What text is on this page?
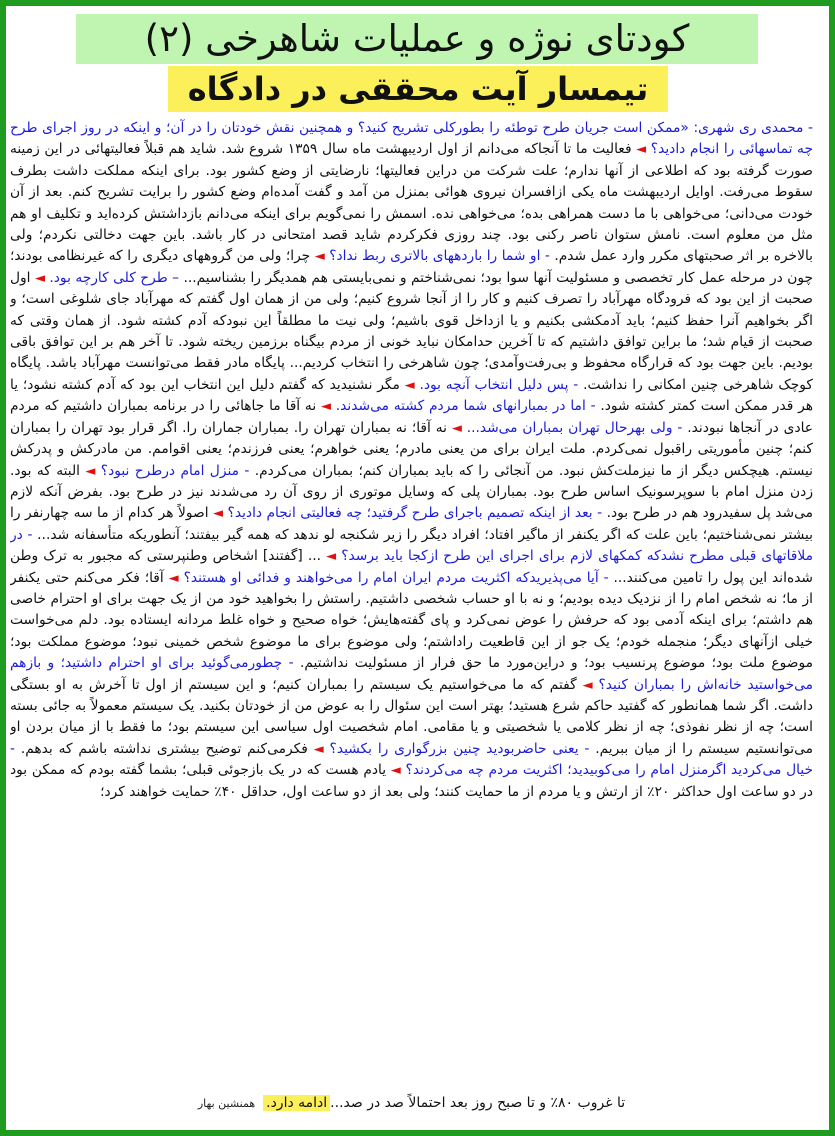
کودتای نوژه و عملیات شاهرخی (۲)
تیمسار آیت محققی در دادگاه
- محمدی ری شهری: «ممکن است جریان طرح توطئه را بطورکلی تشریح کنید؟ و همچنین نقش خودتان را در آن؛ و اینکه در روز اجرای طرح چه تماسهائی را انجام دادید؟ ◄ فعالیت ما تا آنجاکه می‌دانم از اول اردیبهشت ماه سال ۱۳۵۹ شروع شد. شاید هم قبلاً فعالیتهائی در این زمینه صورت گرفته بود که اطلاعی از آنها ندارم؛ علت شرکت من دراین فعالیتها؛ نارضایتی از وضع کشور بود. برای اینکه مملکت داشت بطرف سقوط می‌رفت. اوایل اردیبهشت ماه یکی ازافسران نیروی هوائی بمنزل من آمد و گفت آمده‌ام وضع کشور را برایت تشریح کنم. بعد از آن خودت می‌دانی؛ می‌خواهی با ما دست همراهی بده؛ می‌خواهی نده. اسمش را نمی‌گویم برای اینکه می‌دانم بازداشتش کرده‌اید و تکلیف او هم مثل من معلوم است. نامش ستوان ناصر رکنی بود. چند روزی فکرکردم شاید قصد امتحانی در کار باشد. باین جهت دخالتی نکردم؛ ولی بالاخره بر اثر صحبتهای مکرر وارد عمل شدم. - او شما را باردههای بالاتری ربط نداد؟ ◄ چرا؛ ولی من گروههای دیگری را که غیرنظامی بودند؛ چون در مرحله عمل کار تخصصی و مسئولیت آنها سوا بود؛ نمی‌شناختم و نمی‌بایستی هم همدیگر را بشناسیم... – طرح کلی کارچه بود. ◄ اول صحبت از این بود که فرودگاه مهرآباد را تصرف کنیم و کار را از آنجا شروع کنیم؛ ولی من از همان اول گفتم که مهرآباد جای شلوغی است؛ و اگر بخواهیم آنرا حفظ کنیم؛ باید آدمکشی بکنیم و یا ازداخل قوی باشیم؛ ولی نیت ما مطلقاً این نبودکه آدم کشته شود. از همان وقتی که صحبت از قیام شد؛ ما براین توافق داشتیم که تا آخرین حدامکان نباید خونی از مردم بیگناه برزمین ریخته شود. تا آخر هم بر این توافق باقی بودیم. باین جهت بود که قرارگاه محفوظ و بی‌رفت‌وآمدی؛ چون شاهرخی را انتخاب کردیم... پایگاه مادر فقط می‌توانست مهرآباد باشد. پایگاه کوچک شاهرخی چنین امکانی را نداشت. - پس دلیل انتخاب آنچه بود. ◄ مگر نشنیدید که گفتم دلیل این انتخاب این بود که آدم کشته نشود؛ یا هر قدر ممکن است کمتر کشته شود. - اما در بمبارانهای شما مردم کشته می‌شدند. ◄ نه آقا ما جاهائی را در برنامه بمباران داشتیم که مردم عادی در آنجاها نبودند. - ولی بهرحال تهران بمباران می‌شد... ◄ نه آقا؛ نه بمباران تهران را. بمباران جماران را. اگر قرار بود تهران را بمباران کنم؛ چنین مأموریتی راقبول نمی‌کردم. ملت ایران برای من یعنی مادرم؛ یعنی خواهرم؛ یعنی فرزندم؛ یعنی اقوامم. من مادرکش و پدرکش نیستم. هیچکس دیگر از ما نیزملت‌کش نبود. من آنجائی را که باید بمباران کنم؛ بمباران می‌کردم. - منزل امام درطرح نبود؟ ◄ البته که بود. زدن منزل امام با سوپرسونیک اساس طرح بود. بمباران پلی که وسایل موتوری از روی آن رد می‌شدند نیز در طرح بود. بفرض آنکه لازم می‌شد پل سفیدرود هم در طرح بود. - بعد از اینکه تصمیم باجرای طرح گرفتید؛ چه فعالیتی انجام دادید؟ ◄ اصولاً هر کدام از ما سه چهارنفر را بیشتر نمی‌شناختیم؛ باین علت که اگر یکنفر از ماگیر افتاد؛ افراد دیگر را زیر شکنجه لو ندهد که همه گیر بیفتند؛ آنطوریکه متأسفانه شد... - در ملاقاتهای قبلی مطرح نشدکه کمکهای لازم برای اجرای این طرح ازکجا باید برسد؟ ◄ ... [گفتند] اشخاص وطنپرستی که مجبور به ترک وطن شده‌اند این پول را تامین می‌کنند... - آیا می‌پذیریدکه اکثریت مردم ایران امام را می‌خواهند و فدائی او هستند؟ ◄ آقا؛ فکر می‌کنم حتی یکنفر از ما؛ نه شخص امام را از نزدیک دیده بودیم؛ و نه با او حساب شخصی داشتیم. راستش را بخواهید خود من از یک جهت برای او احترام خاصی هم داشتم؛ برای اینکه آدمی بود که حرفش را عوض نمی‌کرد و پای گفته‌هایش؛ خواه صحیح و خواه غلط مردانه ایستاده بود. دلم می‌خواست خیلی ازآنهای دیگر؛ منجمله خودم؛ یک جو از این قاطعیت راداشتم؛ ولی موضوع برای ما موضوع شخص خمینی نبود؛ موضوع مملکت بود؛ موضوع ملت بود؛ موضوع پرنسیب بود؛ و دراین‌مورد ما حق فرار از مسئولیت نداشتیم. - چطورمی‌گوئید برای او احترام داشتید؛ و بازهم می‌خواستید خانه‌اش را بمباران کنید؟ ◄ گفتم که ما می‌خواستیم یک سیستم را بمباران کنیم؛ و این سیستم از اول تا آخرش به او بستگی داشت. اگر شما همانطور که گفتید حاکم شرع هستید؛ بهتر است این سئوال را به عوض من از خودتان بکنید. یک سیستم معمولاً به جائی بسته است؛ چه از نظر نفوذی؛ چه از نظر کلامی یا شخصیتی و یا مقامی. امام شخصیت اول سیاسی این سیستم بود؛ ما فقط با از میان بردن او می‌توانستیم سیستم را از میان ببریم. - یعنی حاضربودید چنین بزرگواری را بکشید؟ ◄ فکرمی‌کنم توضیح بیشتری نداشته باشم که بدهم. - خیال می‌کردید اگرمنزل امام را می‌کوبیدید؛ اکثریت مردم چه می‌کردند؟ ◄ یادم هست که در یک بازجوئی قبلی؛ بشما گفته بودم که ممکن بود در دو ساعت اول حداکثر ۲۰٪ از ارتش و یا مردم از ما حمایت کنند؛ ولی بعد از دو ساعت اول، حداقل ۴۰٪ حمایت خواهند کرد؛
تا غروب ۸۰٪ و تا صبح روز بعد احتمالاً صد در صد...ادامه دارد.همنشین بهار
